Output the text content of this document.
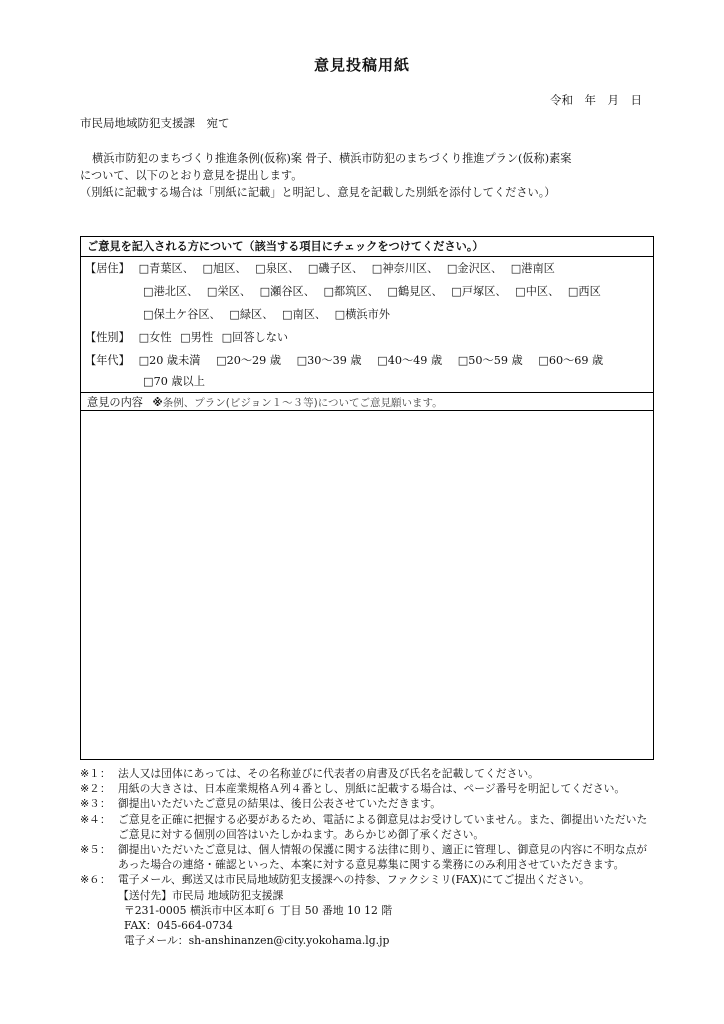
意見投稿用紙
令和　年　月　日
市民局地域防犯支援課　宛て

横浜市防犯のまちづくり推進条例(仮称)案 骨子、横浜市防犯のまちづくり推進プラン(仮称)素案

について、以下のとおり意見を提出します。

（別紙に記載する場合は「別紙に記載」と明記し、意見を記載した別紙を添付してください。）

ご意見を記入される方について（該当する項目にチェックをつけてください。）
【居住】 □青葉区、 □旭区、 □泉区、 □磯子区、 □神奈川区、 □金沢区、 □港南区
□港北区、 □栄区、 □瀬谷区、 □都筑区、 □鶴見区、 □戸塚区、 □中区、 □西区
□保土ケ谷区、 □緑区、 □南区、 □横浜市外
【性別】 □女性 □男性 □回答しない
【年代】 □20 歳未満 □20～29 歳 □30～39 歳 □40～49 歳 □50～59 歳 □60～69 歳
□70 歳以上
意見の内容 ※条例、プラン(ビジョン１～３等)についてご意見願います。
※１： 法人又は団体にあっては、その名称並びに代表者の肩書及び氏名を記載してください。
※２： 用紙の大きさは、日本産業規格Ａ列４番とし、別紙に記載する場合は、ページ番号を明記してください。
※３： 御提出いただいたご意見の結果は、後日公表させていただきます。
※４： ご意見を正確に把握する必要があるため、電話による御意見はお受けしていません。また、御提出いただいたご意見に対する個別の回答はいたしかねます。あらかじめ御了承ください。
※５： 御提出いただいたご意見は、個人情報の保護に関する法律に則り、適正に管理し、御意見の内容に不明な点があった場合の連絡・確認といった、本案に対する意見募集に関する業務にのみ利用させていただきます。
※６： 電子メール、郵送又は市民局地域防犯支援課への持参、ファクシミリ(FAX)にてご提出ください。
【送付先】市民局 地域防犯支援課
〒231-0005 横浜市中区本町６ 丁目 50 番地 10 12 階
FAX：045-664-0734
電子メール：sh-anshinanzen@city.yokohama.lg.jp
